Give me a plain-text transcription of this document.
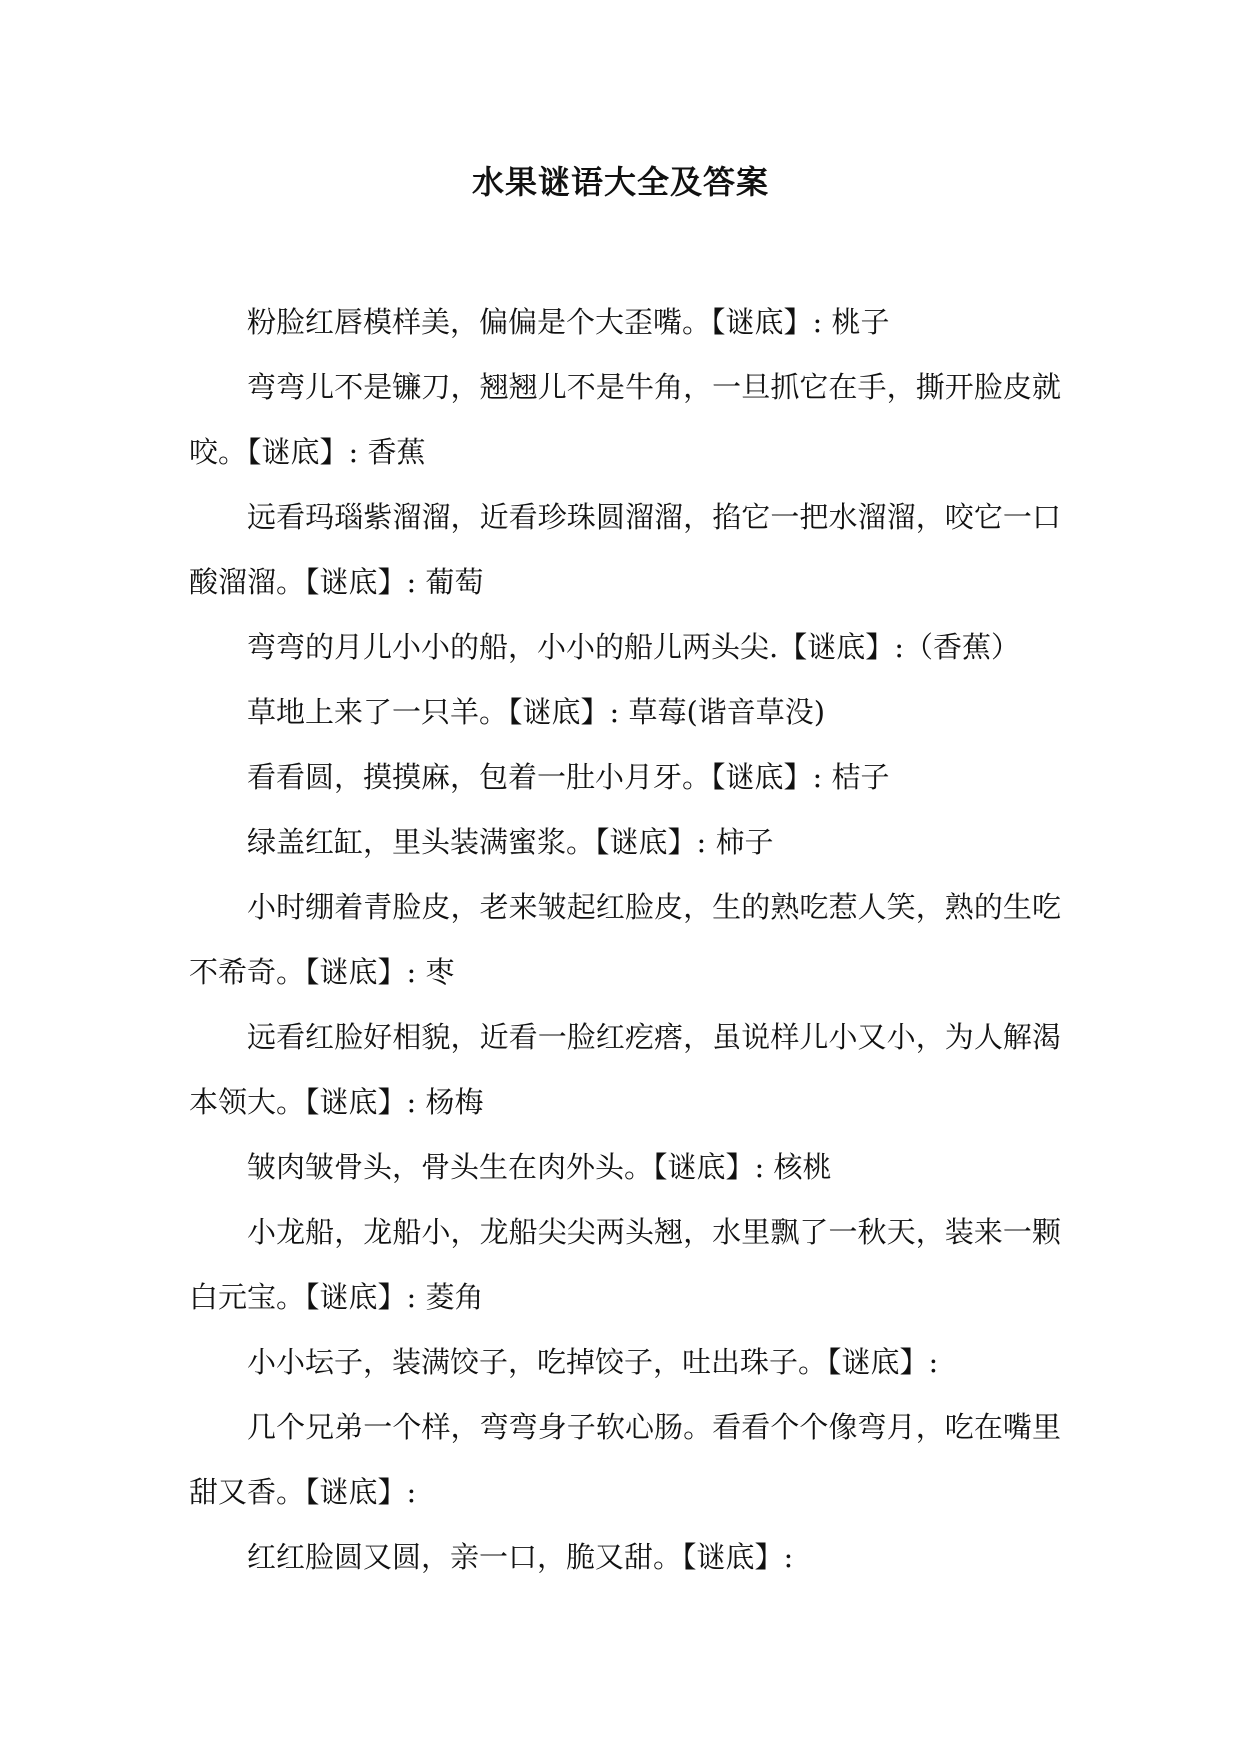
水果谜语大全及答案

粉脸红唇模样美，偏偏是个大歪嘴。【谜底】: 桃子

弯弯儿不是镰刀，翘翘儿不是牛角，一旦抓它在手，撕开脸皮就咬。【谜底】: 香蕉

远看玛瑙紫溜溜，近看珍珠圆溜溜，掐它一把水溜溜，咬它一口酸溜溜。【谜底】: 葡萄

弯弯的月儿小小的船，小小的船儿两头尖.【谜底】:（香蕉）

草地上来了一只羊。【谜底】: 草莓(谐音草没)

看看圆，摸摸麻，包着一肚小月牙。【谜底】: 桔子

绿盖红缸，里头装满蜜浆。【谜底】: 柿子

小时绷着青脸皮，老来皱起红脸皮，生的熟吃惹人笑，熟的生吃不希奇。【谜底】: 枣

远看红脸好相貌，近看一脸红疙瘩，虽说样儿小又小，为人解渴本领大。【谜底】: 杨梅

皱肉皱骨头，骨头生在肉外头。【谜底】: 核桃

小龙船，龙船小，龙船尖尖两头翘，水里飘了一秋天，装来一颗白元宝。【谜底】: 菱角

小小坛子，装满饺子，吃掉饺子，吐出珠子。【谜底】:

几个兄弟一个样，弯弯身子软心肠。看看个个像弯月，吃在嘴里甜又香。【谜底】:

红红脸圆又圆，亲一口，脆又甜。【谜底】:
